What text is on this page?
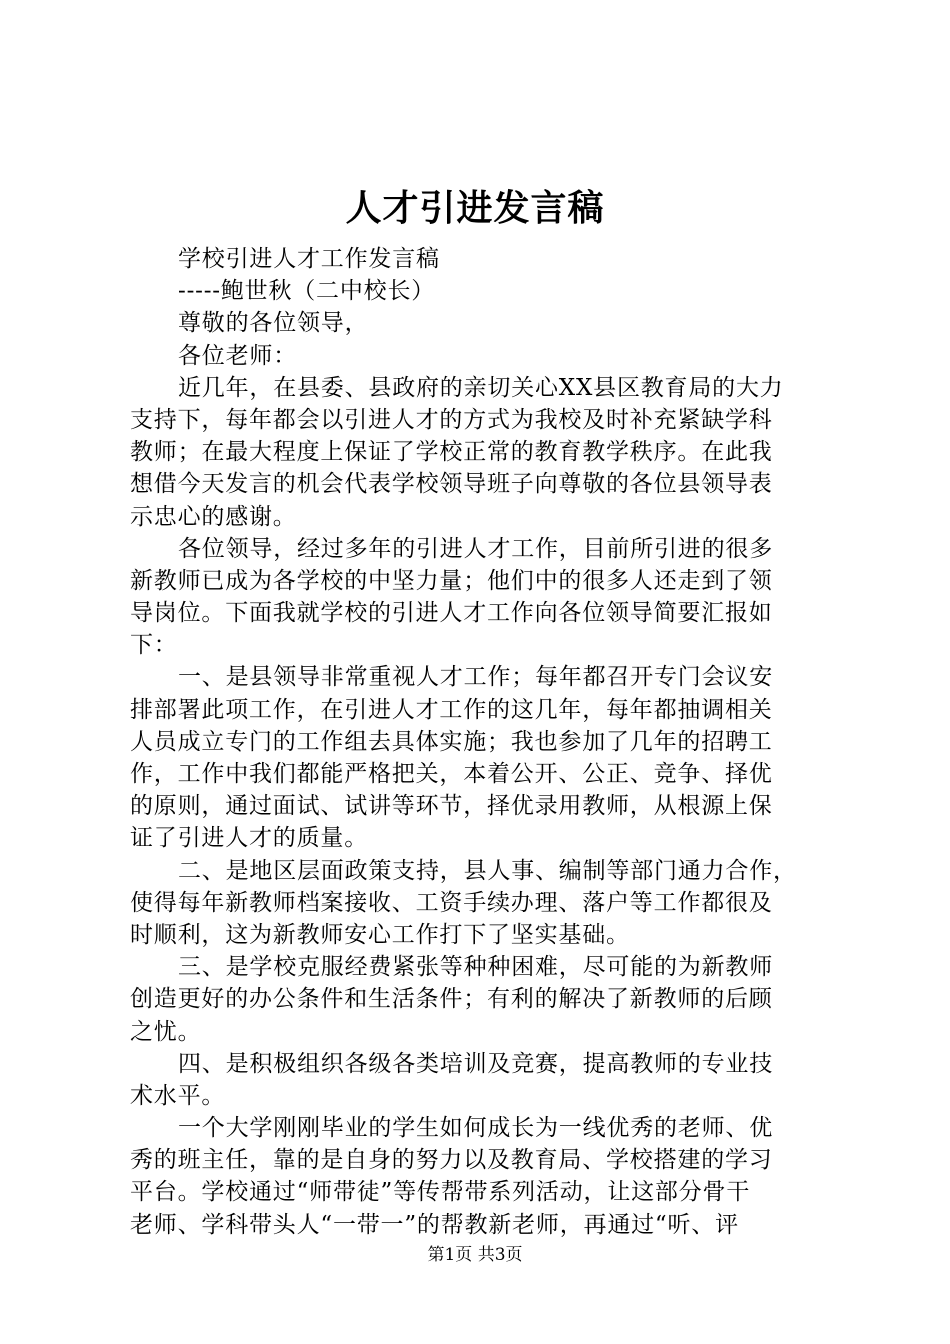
人才引进发言稿
学校引进人才工作发言稿
-----鲍世秋（二中校长）
尊敬的各位领导，
各位老师：
近几年，在县委、县政府的亲切关心XX县区教育局的大力
支持下，每年都会以引进人才的方式为我校及时补充紧缺学科
教师；在最大程度上保证了学校正常的教育教学秩序。在此我
想借今天发言的机会代表学校领导班子向尊敬的各位县领导表
示忠心的感谢。
各位领导，经过多年的引进人才工作，目前所引进的很多
新教师已成为各学校的中坚力量；他们中的很多人还走到了领
导岗位。下面我就学校的引进人才工作向各位领导简要汇报如
下：
一、是县领导非常重视人才工作；每年都召开专门会议安
排部署此项工作，在引进人才工作的这几年，每年都抽调相关
人员成立专门的工作组去具体实施；我也参加了几年的招聘工
作，工作中我们都能严格把关，本着公开、公正、竞争、择优
的原则，通过面试、试讲等环节，择优录用教师，从根源上保
证了引进人才的质量。
二、是地区层面政策支持，县人事、编制等部门通力合作，
使得每年新教师档案接收、工资手续办理、落户等工作都很及
时顺利，这为新教师安心工作打下了坚实基础。
三、是学校克服经费紧张等种种困难，尽可能的为新教师
创造更好的办公条件和生活条件；有利的解决了新教师的后顾
之忧。
四、是积极组织各级各类培训及竞赛，提高教师的专业技
术水平。
一个大学刚刚毕业的学生如何成长为一线优秀的老师、优
秀的班主任，靠的是自身的努力以及教育局、学校搭建的学习
平台。学校通过“师带徒”等传帮带系列活动，让这部分骨干
老师、学科带头人“一带一”的帮教新老师，再通过“听、评
第1页 共3页
